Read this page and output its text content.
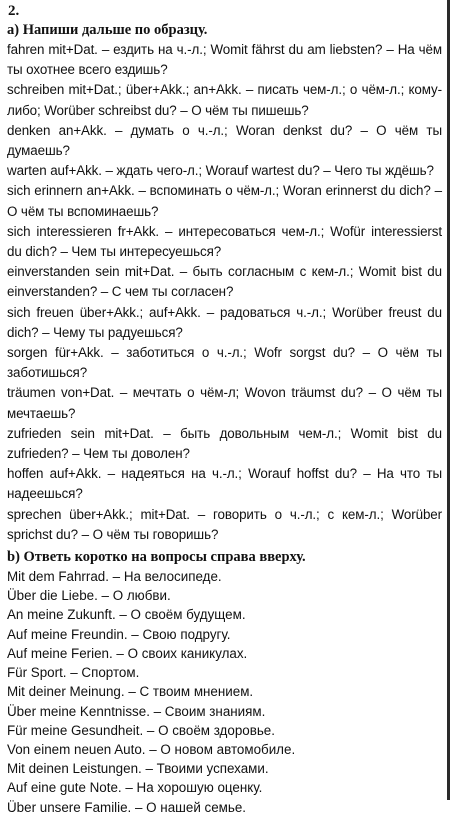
2.
а) Напиши дальше по образцу.

fahren mit+Dat. – ездить на ч.-л.; Womit fährst du am liebsten? – На чём ты охотнее всего ездишь?

schreiben mit+Dat.; über+Akk.; an+Akk. – писать чем-л.; о чём-л.; кому-либо; Worüber schreibst du? – О чём ты пишешь?

denken an+Akk. – думать о ч.-л.; Woran denkst du? – О чём ты думаешь?

warten auf+Akk. – ждать чего-л.; Worauf wartest du? – Чего ты ждёшь?

sich erinnern an+Akk. – вспоминать о чём-л.; Woran erinnerst du dich? – О чём ты вспоминаешь?

sich interessieren fr+Akk. – интересоваться чем-л.; Wofür interessierst du dich? – Чем ты интересуешься?

einverstanden sein mit+Dat. – быть согласным с кем-л.; Womit bist du einverstanden? – С чем ты согласен?

sich freuen über+Akk.; auf+Akk. – радоваться ч.-л.; Worüber freust du dich? – Чему ты радуешься?

sorgen für+Akk. – заботиться о ч.-л.; Wofr sorgst du? – О чём ты заботишься?

träumen von+Dat. – мечтать о чём-л; Wovon träumst du? – О чём ты мечтаешь?

zufrieden sein mit+Dat. – быть довольным чем-л.; Womit bist du zufrieden? – Чем ты доволен?

hoffen auf+Akk. – надеяться на ч.-л.; Worauf hoffst du? – На что ты надеешься?

sprechen über+Akk.; mit+Dat. – говорить о ч.-л.; с кем-л.; Worüber sprichst du? – О чём ты говоришь?

b) Ответь коротко на вопросы справа вверху.
Mit dem Fahrrad. – На велосипеде.
Über die Liebe. – О любви.
An meine Zukunft. – О своём будущем.
Auf meine Freundin. – Свою подругу.
Auf meine Ferien. – О своих каникулах.
Für Sport. – Спортом.
Mit deiner Meinung. – С твоим мнением.
Über meine Kenntnisse. – Своим знаниям.
Für meine Gesundheit. – О своём здоровье.
Von einem neuen Auto. – О новом автомобиле.
Mit deinen Leistungen. – Твоими успехами.
Auf eine gute Note. – На хорошую оценку.
Über unsere Familie. – О нашей семье.
